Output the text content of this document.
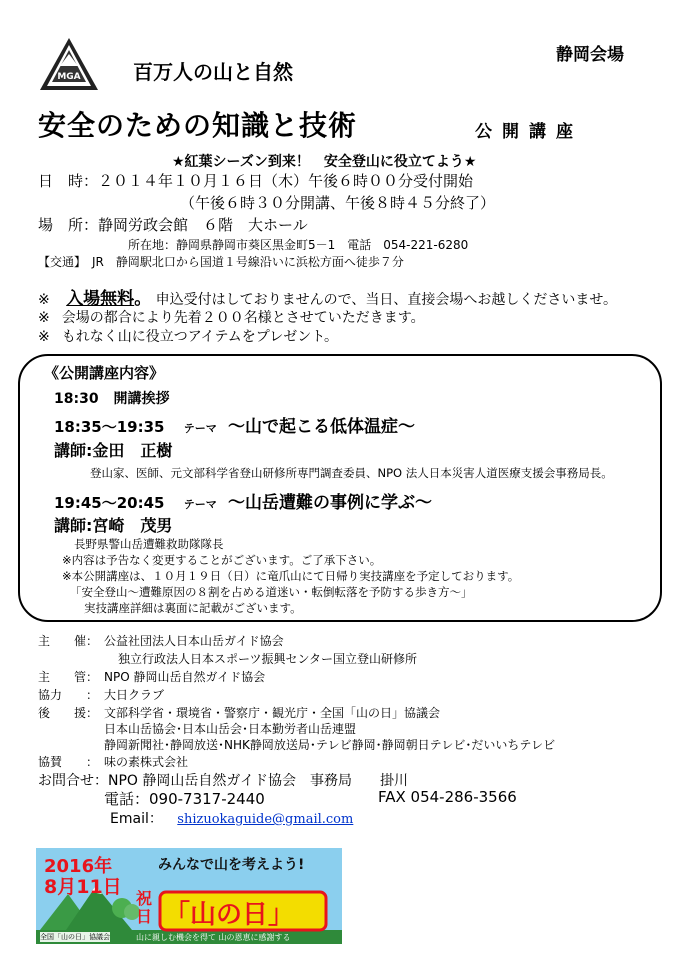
MGA	百万人の山と自然
静岡会場
安全のための知識と技術	公開講座
★紅葉シーズン到来！　安全登山に役立てよう★
日　時：２０１４年１０月１６日（木）午後６時００分受付開始
（午後６時３０分開講、午後８時４５分終了）
場　所：静岡労政会館　６階　大ホール
所在地：静岡県静岡市葵区黒金町5－1　電話　054-221-6280
【交通】　JR　静岡駅北口から国道１号線沿いに浜松方面へ徒歩７分
※ 入場無料。 申込受付はしておりませんので、当日、直接会場へお越しくださいませ。
※ 会場の都合により先着２００名様とさせていただきます。
※ もれなく山に役立つアイテムをプレゼント。
《公開講座内容》
18:30 開講挨拶
18:35～19:35 テーマ ～山で起こる低体温症～
講師:金田　正樹
登山家、医師、元文部科学省登山研修所専門調査委員、NPO 法人日本災害人道医療支援会事務局長。
19:45～20:45 テーマ ～山岳遭難の事例に学ぶ～
講師:宮崎　茂男
長野県警山岳遭難救助隊隊長
※内容は予告なく変更することがございます。ご了承下さい。
※本公開講座は、１０月１９日（日）に竜爪山にて日帰り実技講座を予定しております。
「安全登山～遭難原因の８割を占める道迷い・転倒転落を予防する歩き方～」
実技講座詳細は裏面に記載がございます。
主　　催： 公益社団法人日本山岳ガイド協会
独立行政法人日本スポーツ振興センター国立登山研修所
主　　管： NPO 静岡山岳自然ガイド協会
協力　　： 大日クラブ
後　　援： 文部科学省・環境省・警察庁・観光庁・全国「山の日」協議会
日本山岳協会･日本山岳会･日本勤労者山岳連盟
静岡新聞社･静岡放送･NHK静岡放送局･テレビ静岡･静岡朝日テレビ･だいいちテレビ
協賛　　： 味の素株式会社
お問合せ：NPO 静岡山岳自然ガイド協会　事務局　　掛川
電話：090-7317-2440	FAX 054-286-3566
Email： shizuokaguide@gmail.com
2016年
8月11日
みんなで山を考えよう!
祝日 「山の日」
全国「山の日」協議会	山に親しむ機会を得て 山の恩恵に感謝する
